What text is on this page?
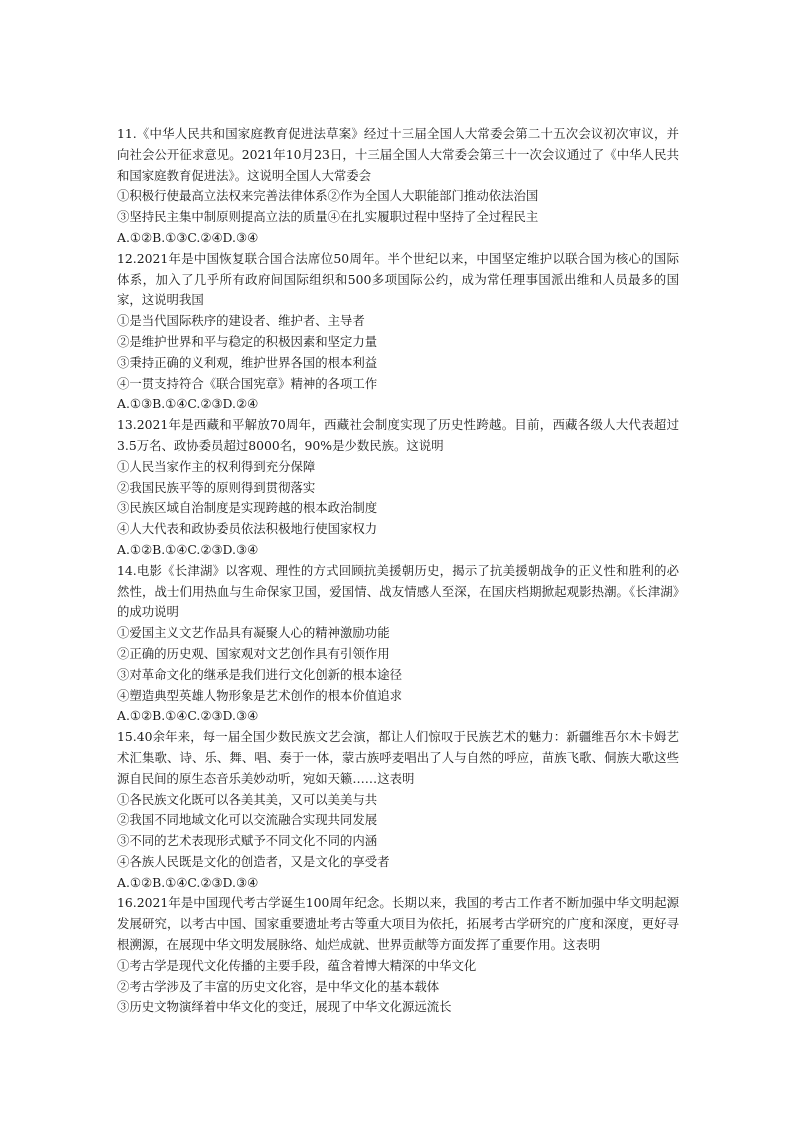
11.《中华人民共和国家庭教育促进法草案》经过十三届全国人大常委会第二十五次会议初次审议，并向社会公开征求意见。2021年10月23日，十三届全国人大常委会第三十一次会议通过了《中华人民共和国家庭教育促进法》。这说明全国人大常委会

①积极行使最高立法权来完善法律体系②作为全国人大职能部门推动依法治国

③坚持民主集中制原则提高立法的质量④在扎实履职过程中坚持了全过程民主

A.①②B.①③C.②④D.③④

12.2021年是中国恢复联合国合法席位50周年。半个世纪以来，中国坚定维护以联合国为核心的国际体系，加入了几乎所有政府间国际组织和500多项国际公约，成为常任理事国派出维和人员最多的国家，这说明我国

①是当代国际秩序的建设者、维护者、主导者

②是维护世界和平与稳定的积极因素和坚定力量

③秉持正确的义利观，维护世界各国的根本利益

④一贯支持符合《联合国宪章》精神的各项工作

A.①③B.①④C.②③D.②④

13.2021年是西藏和平解放70周年，西藏社会制度实现了历史性跨越。目前，西藏各级人大代表超过3.5万名、政协委员超过8000名，90%是少数民族。这说明

①人民当家作主的权利得到充分保障

②我国民族平等的原则得到贯彻落实

③民族区域自治制度是实现跨越的根本政治制度

④人大代表和政协委员依法积极地行使国家权力

A.①②B.①④C.②③D.③④

14.电影《长津湖》以客观、理性的方式回顾抗美援朝历史，揭示了抗美援朝战争的正义性和胜利的必然性，战士们用热血与生命保家卫国，爱国情、战友情感人至深，在国庆档期掀起观影热潮。《长津湖》的成功说明

①爱国主义文艺作品具有凝聚人心的精神激励功能

②正确的历史观、国家观对文艺创作具有引领作用

③对革命文化的继承是我们进行文化创新的根本途径

④塑造典型英雄人物形象是艺术创作的根本价值追求

A.①②B.①④C.②③D.③④

15.40余年来，每一届全国少数民族文艺会演，都让人们惊叹于民族艺术的魅力：新疆维吾尔木卡姆艺术汇集歌、诗、乐、舞、唱、奏于一体，蒙古族呼麦唱出了人与自然的呼应，苗族飞歌、侗族大歌这些源自民间的原生态音乐美妙动听，宛如天籁……这表明

①各民族文化既可以各美其美，又可以美美与共

②我国不同地域文化可以交流融合实现共同发展

③不同的艺术表现形式赋予不同文化不同的内涵

④各族人民既是文化的创造者，又是文化的享受者

A.①②B.①④C.②③D.③④

16.2021年是中国现代考古学诞生100周年纪念。长期以来，我国的考古工作者不断加强中华文明起源发展研究，以考古中国、国家重要遗址考古等重大项目为依托，拓展考古学研究的广度和深度，更好寻根溯源，在展现中华文明发展脉络、灿烂成就、世界贡献等方面发挥了重要作用。这表明

①考古学是现代文化传播的主要手段，蕴含着博大精深的中华文化

②考古学涉及了丰富的历史文化容，是中华文化的基本载体

③历史文物演绎着中华文化的变迁，展现了中华文化源远流长
